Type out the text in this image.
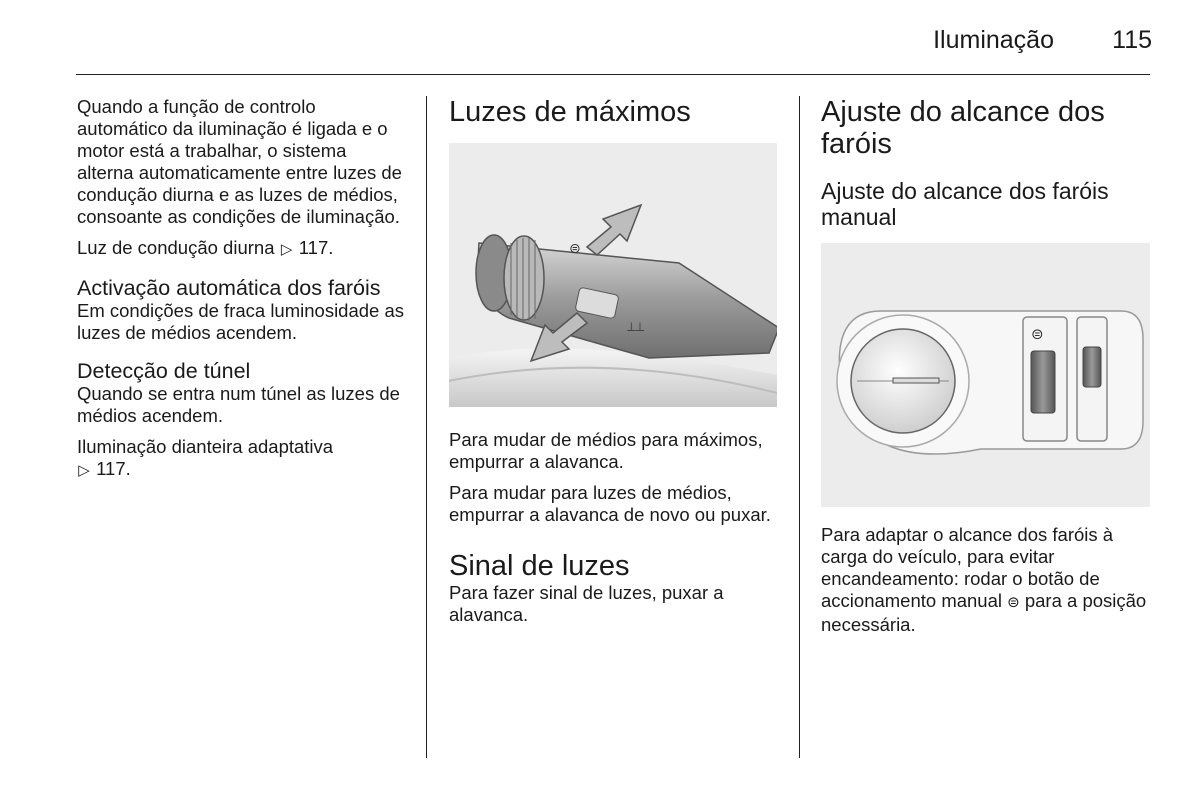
Iluminação 115

Quando a função de controlo automático da iluminação é ligada e o motor está a trabalhar, o sistema alterna automaticamente entre luzes de condução diurna e as luzes de médios, consoante as condições de iluminação.

Luz de condução diurna ▷ 117.

Activação automática dos faróis

Em condições de fraca luminosidade as luzes de médios acendem.

Detecção de túnel

Quando se entra num túnel as luzes de médios acendem.

Iluminação dianteira adaptativa
▷ 117.

Luzes de máximos
⊜
⟂⟂

Para mudar de médios para máximos, empurrar a alavanca.

Para mudar para luzes de médios, empurrar a alavanca de novo ou puxar.

Sinal de luzes

Para fazer sinal de luzes, puxar a alavanca.

Ajuste do alcance dos faróis

Ajuste do alcance dos faróis manual

⊜

Para adaptar o alcance dos faróis à carga do veículo, para evitar encandeamento: rodar o botão de accionamento manual ⊜ para a posição necessária.
